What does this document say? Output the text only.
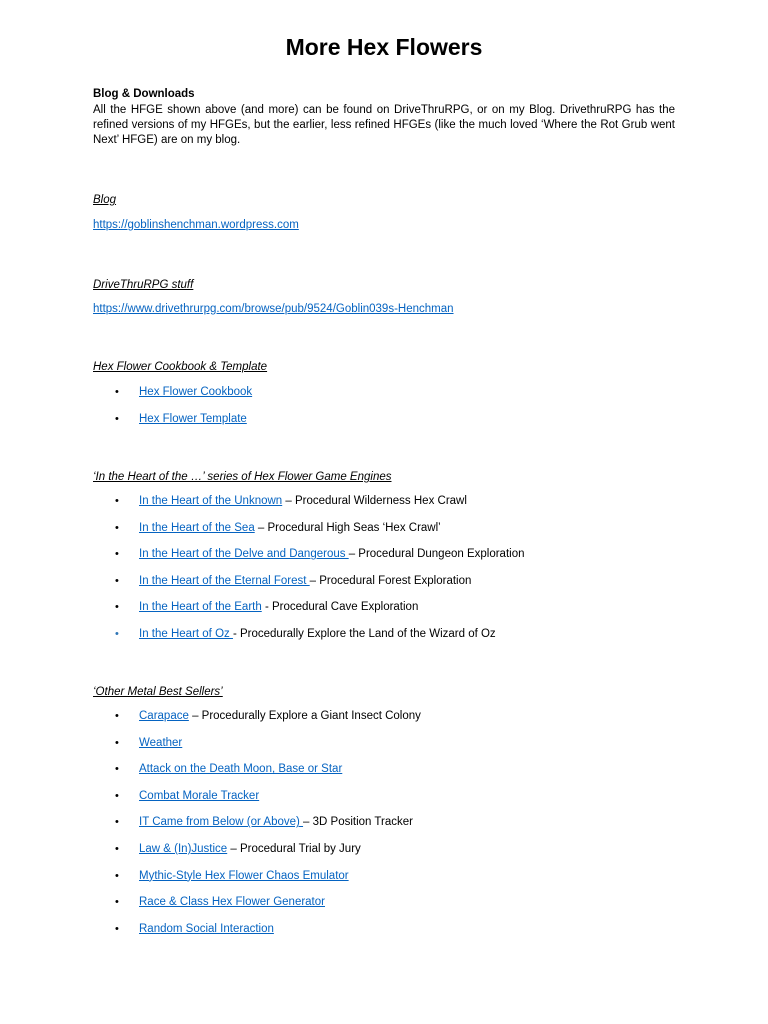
More Hex Flowers

Blog & Downloads

All the HFGE shown above (and more) can be found on DriveThruRPG, or on my Blog. DrivethruRPG has the refined versions of my HFGEs, but the earlier, less refined HFGEs (like the much loved ‘Where the Rot Grub went Next’ HFGE) are on my blog.

Blog

https://goblinshenchman.wordpress.com

DriveThruRPG stuff

https://www.drivethrurpg.com/browse/pub/9524/Goblin039s-Henchman

Hex Flower Cookbook & Template

• Hex Flower Cookbook
• Hex Flower Template

‘In the Heart of the …’ series of Hex Flower Game Engines

• In the Heart of the Unknown – Procedural Wilderness Hex Crawl
• In the Heart of the Sea – Procedural High Seas ‘Hex Crawl’
• In the Heart of the Delve and Dangerous – Procedural Dungeon Exploration
• In the Heart of the Eternal Forest – Procedural Forest Exploration
• In the Heart of the Earth - Procedural Cave Exploration
• In the Heart of Oz - Procedurally Explore the Land of the Wizard of Oz

‘Other Metal Best Sellers’

• Carapace – Procedurally Explore a Giant Insect Colony
• Weather
• Attack on the Death Moon, Base or Star
• Combat Morale Tracker
• IT Came from Below (or Above) – 3D Position Tracker
• Law & (In)Justice – Procedural Trial by Jury
• Mythic-Style Hex Flower Chaos Emulator
• Race & Class Hex Flower Generator
• Random Social Interaction
